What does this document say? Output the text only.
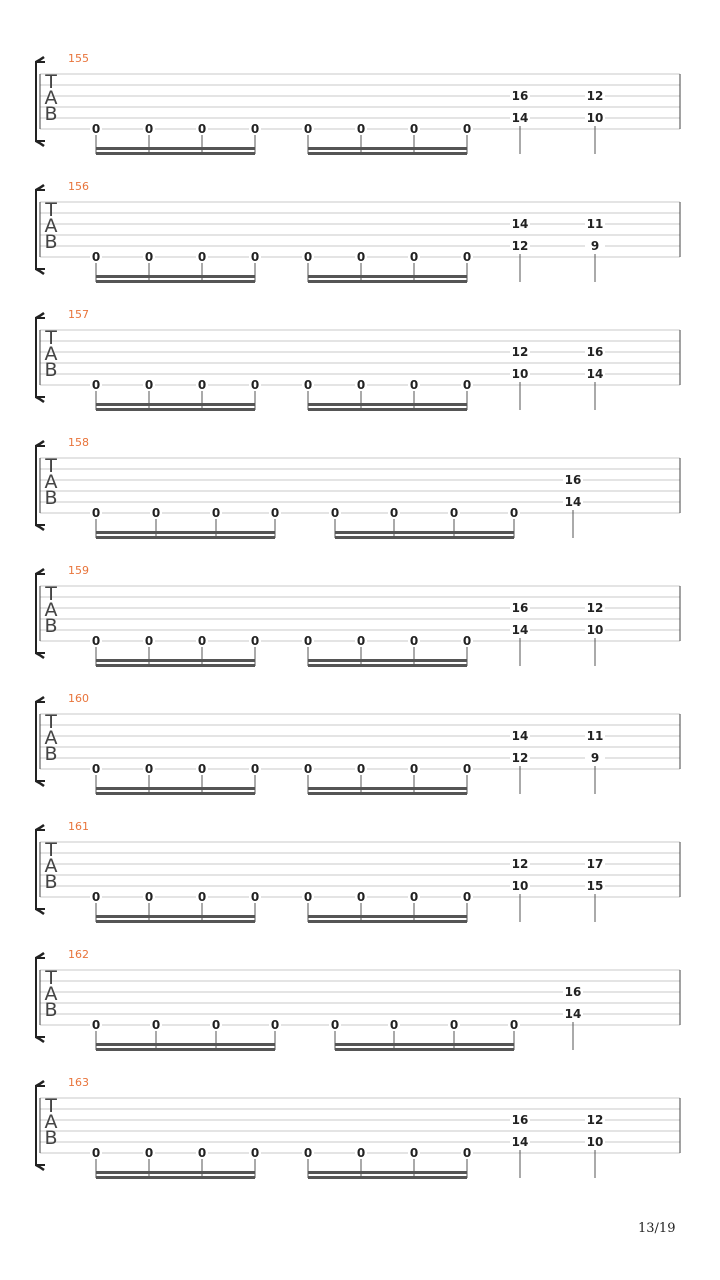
155
T
A
B
0	0	0	0	0	0	0	0
16
14
12
10
156
T
A
B
0	0	0	0	0	0	0	0
14
12
11
9
157
T
A
B
0	0	0	0	0	0	0	0
12
10
16
14
158
T
A
B
0	0	0	0	0	0	0	0
16
14
159
T
A
B
0	0	0	0	0	0	0	0
16
14
12
10
160
T
A
B
0	0	0	0	0	0	0	0
14
12
11
9
161
T
A
B
0	0	0	0	0	0	0	0
12
10
17
15
162
T
A
B
0	0	0	0	0	0	0	0
16
14
163
T
A
B
0	0	0	0	0	0	0	0
16
14
12
10
13/19
